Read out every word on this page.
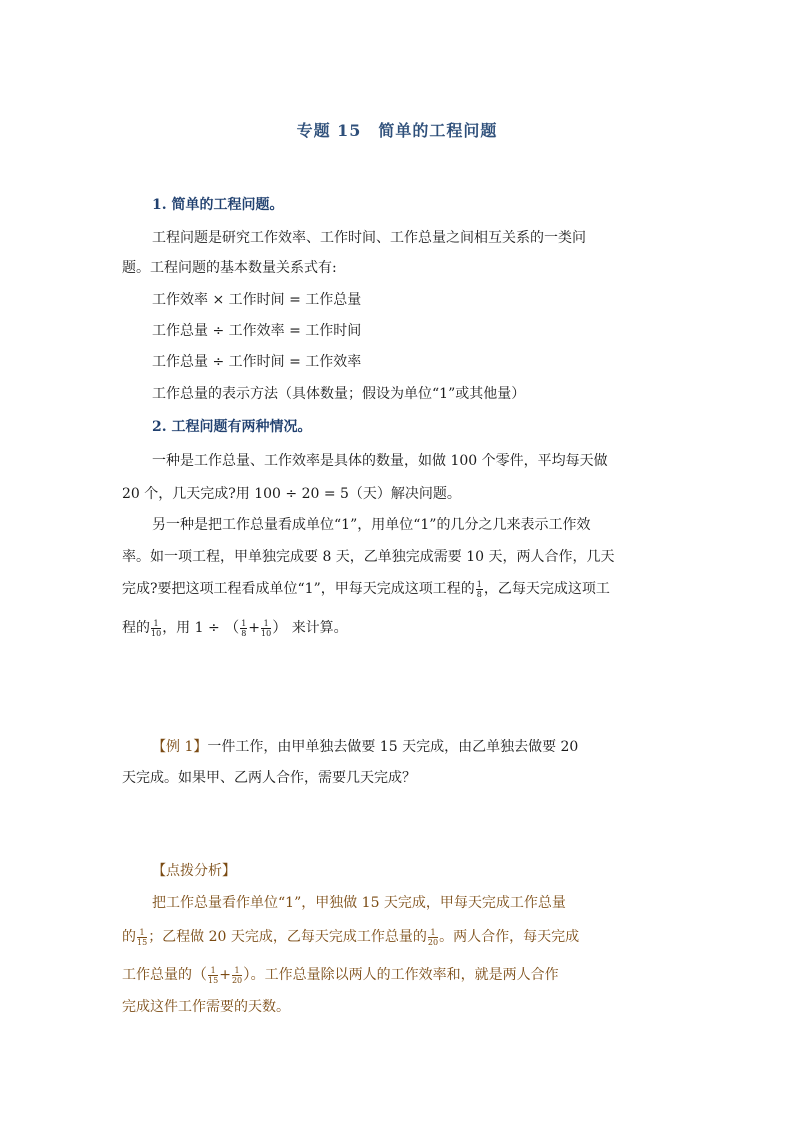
专题 15　简单的工程问题
1. 简单的工程问题。
工程问题是研究工作效率、工作时间、工作总量之间相互关系的一类问
题。工程问题的基本数量关系式有:
工作效率 × 工作时间 = 工作总量
工作总量 ÷ 工作效率 = 工作时间
工作总量 ÷ 工作时间 = 工作效率
工作总量的表示方法（具体数量；假设为单位“1”或其他量）
2. 工程问题有两种情况。
一种是工作总量、工作效率是具体的数量，如做 100 个零件，平均每天做
20 个，几天完成?用 100 ÷ 20 = 5（天）解决问题。
另一种是把工作总量看成单位“1”，用单位“1”的几分之几来表示工作效
率。如一项工程，甲单独完成要 8 天，乙单独完成需要 10 天，两人合作，几天
完成?要把这项工程看成单位“1”，甲每天完成这项工程的 $\frac{1}{8}$ ，乙每天完成这项工
程的 $\frac{1}{10}$ ，用 1 ÷ （ $\frac{1}{8} + \frac{1}{10}$ ） 来计算。
【例 1】一件工作，由甲单独去做要 15 天完成，由乙单独去做要 20
天完成。如果甲、乙两人合作，需要几天完成？
【点拨分析】
把工作总量看作单位“1”，甲独做 15 天完成，甲每天完成工作总量
的 $\frac{1}{15}$ ；乙程做 20 天完成，乙每天完成工作总量的 $\frac{1}{20}$ 。两人合作，每天完成
工作总量的（ $\frac{1}{15} + \frac{1}{20}$ ）。工作总量除以两人的工作效率和，就是两人合作
完成这件工作需要的天数。
